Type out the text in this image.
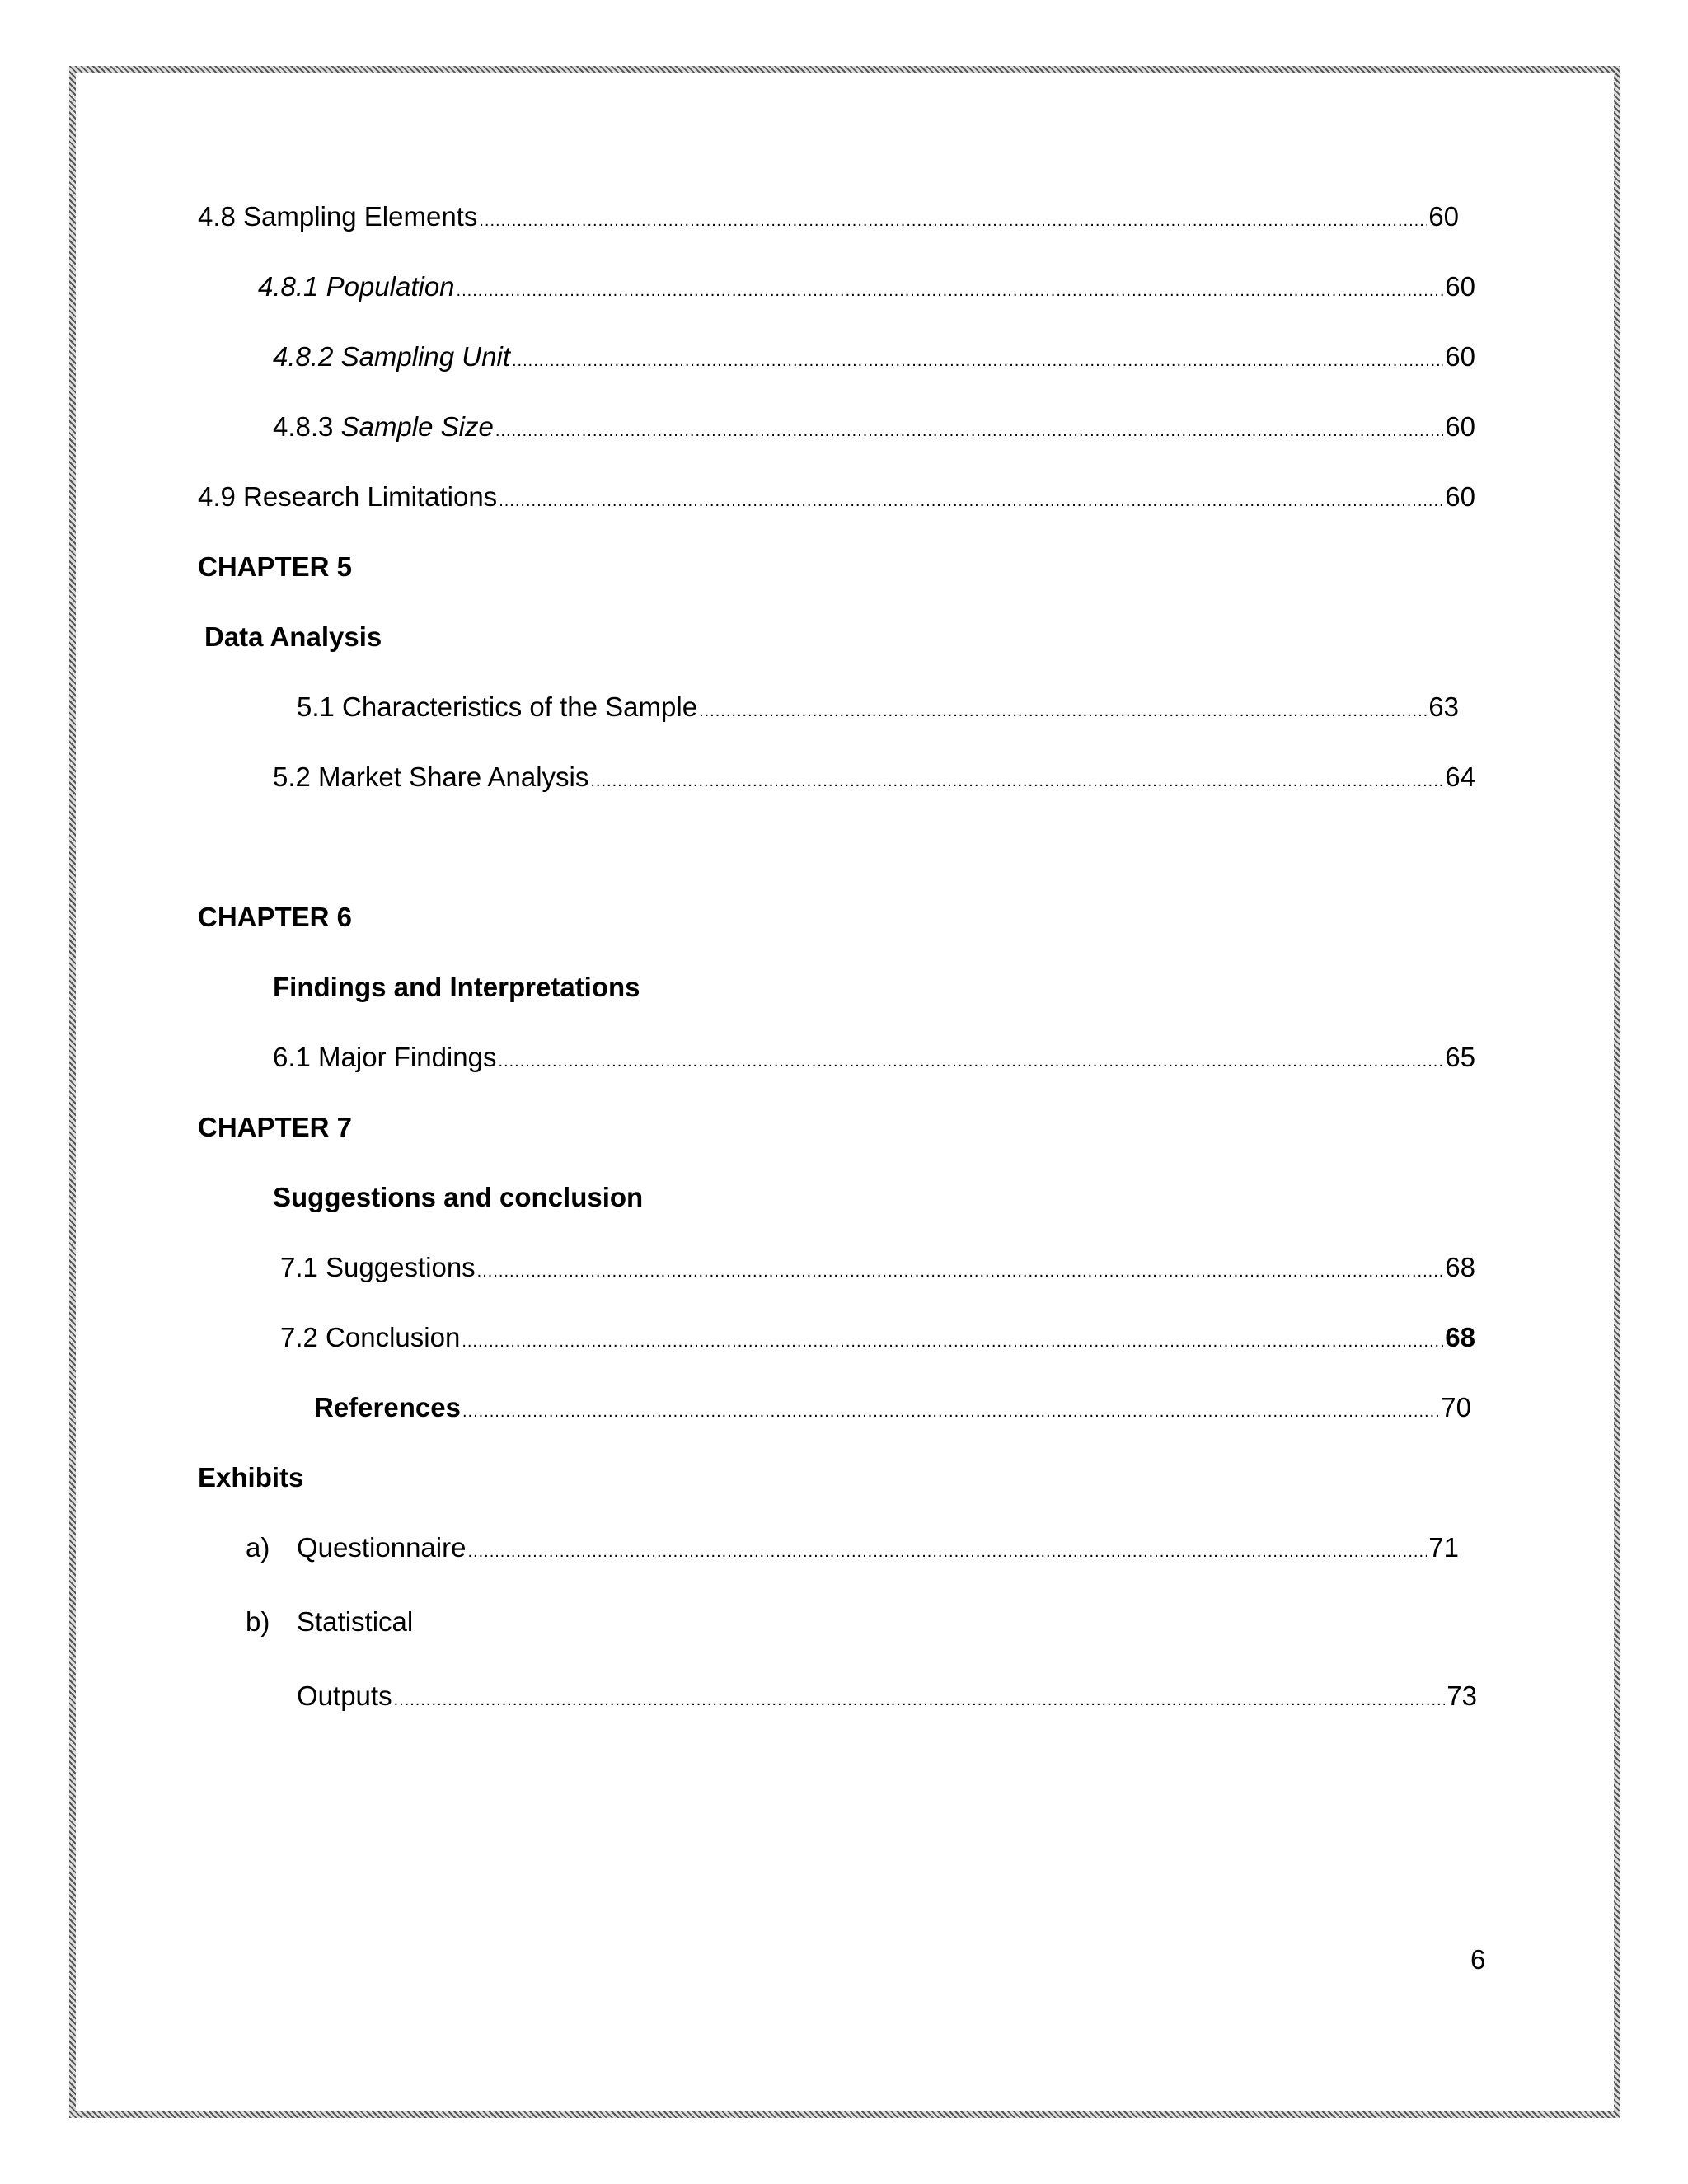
4.8 Sampling Elements .....	60
4.8.1 Population .....	60
4.8.2 Sampling Unit .....	60
4.8.3 Sample Size .....	60
4.9 Research Limitations .....	60
CHAPTER 5
Data Analysis
5.1 Characteristics of the Sample .....	63
5.2 Market Share Analysis .....	64
CHAPTER 6
Findings and Interpretations
6.1 Major Findings .....	65
CHAPTER 7
Suggestions and conclusion
7.1 Suggestions .....	68
7.2 Conclusion .....	68
References .....	70
Exhibits
a) Questionnaire .....	71
b) Statistical
Outputs .....	73
6
